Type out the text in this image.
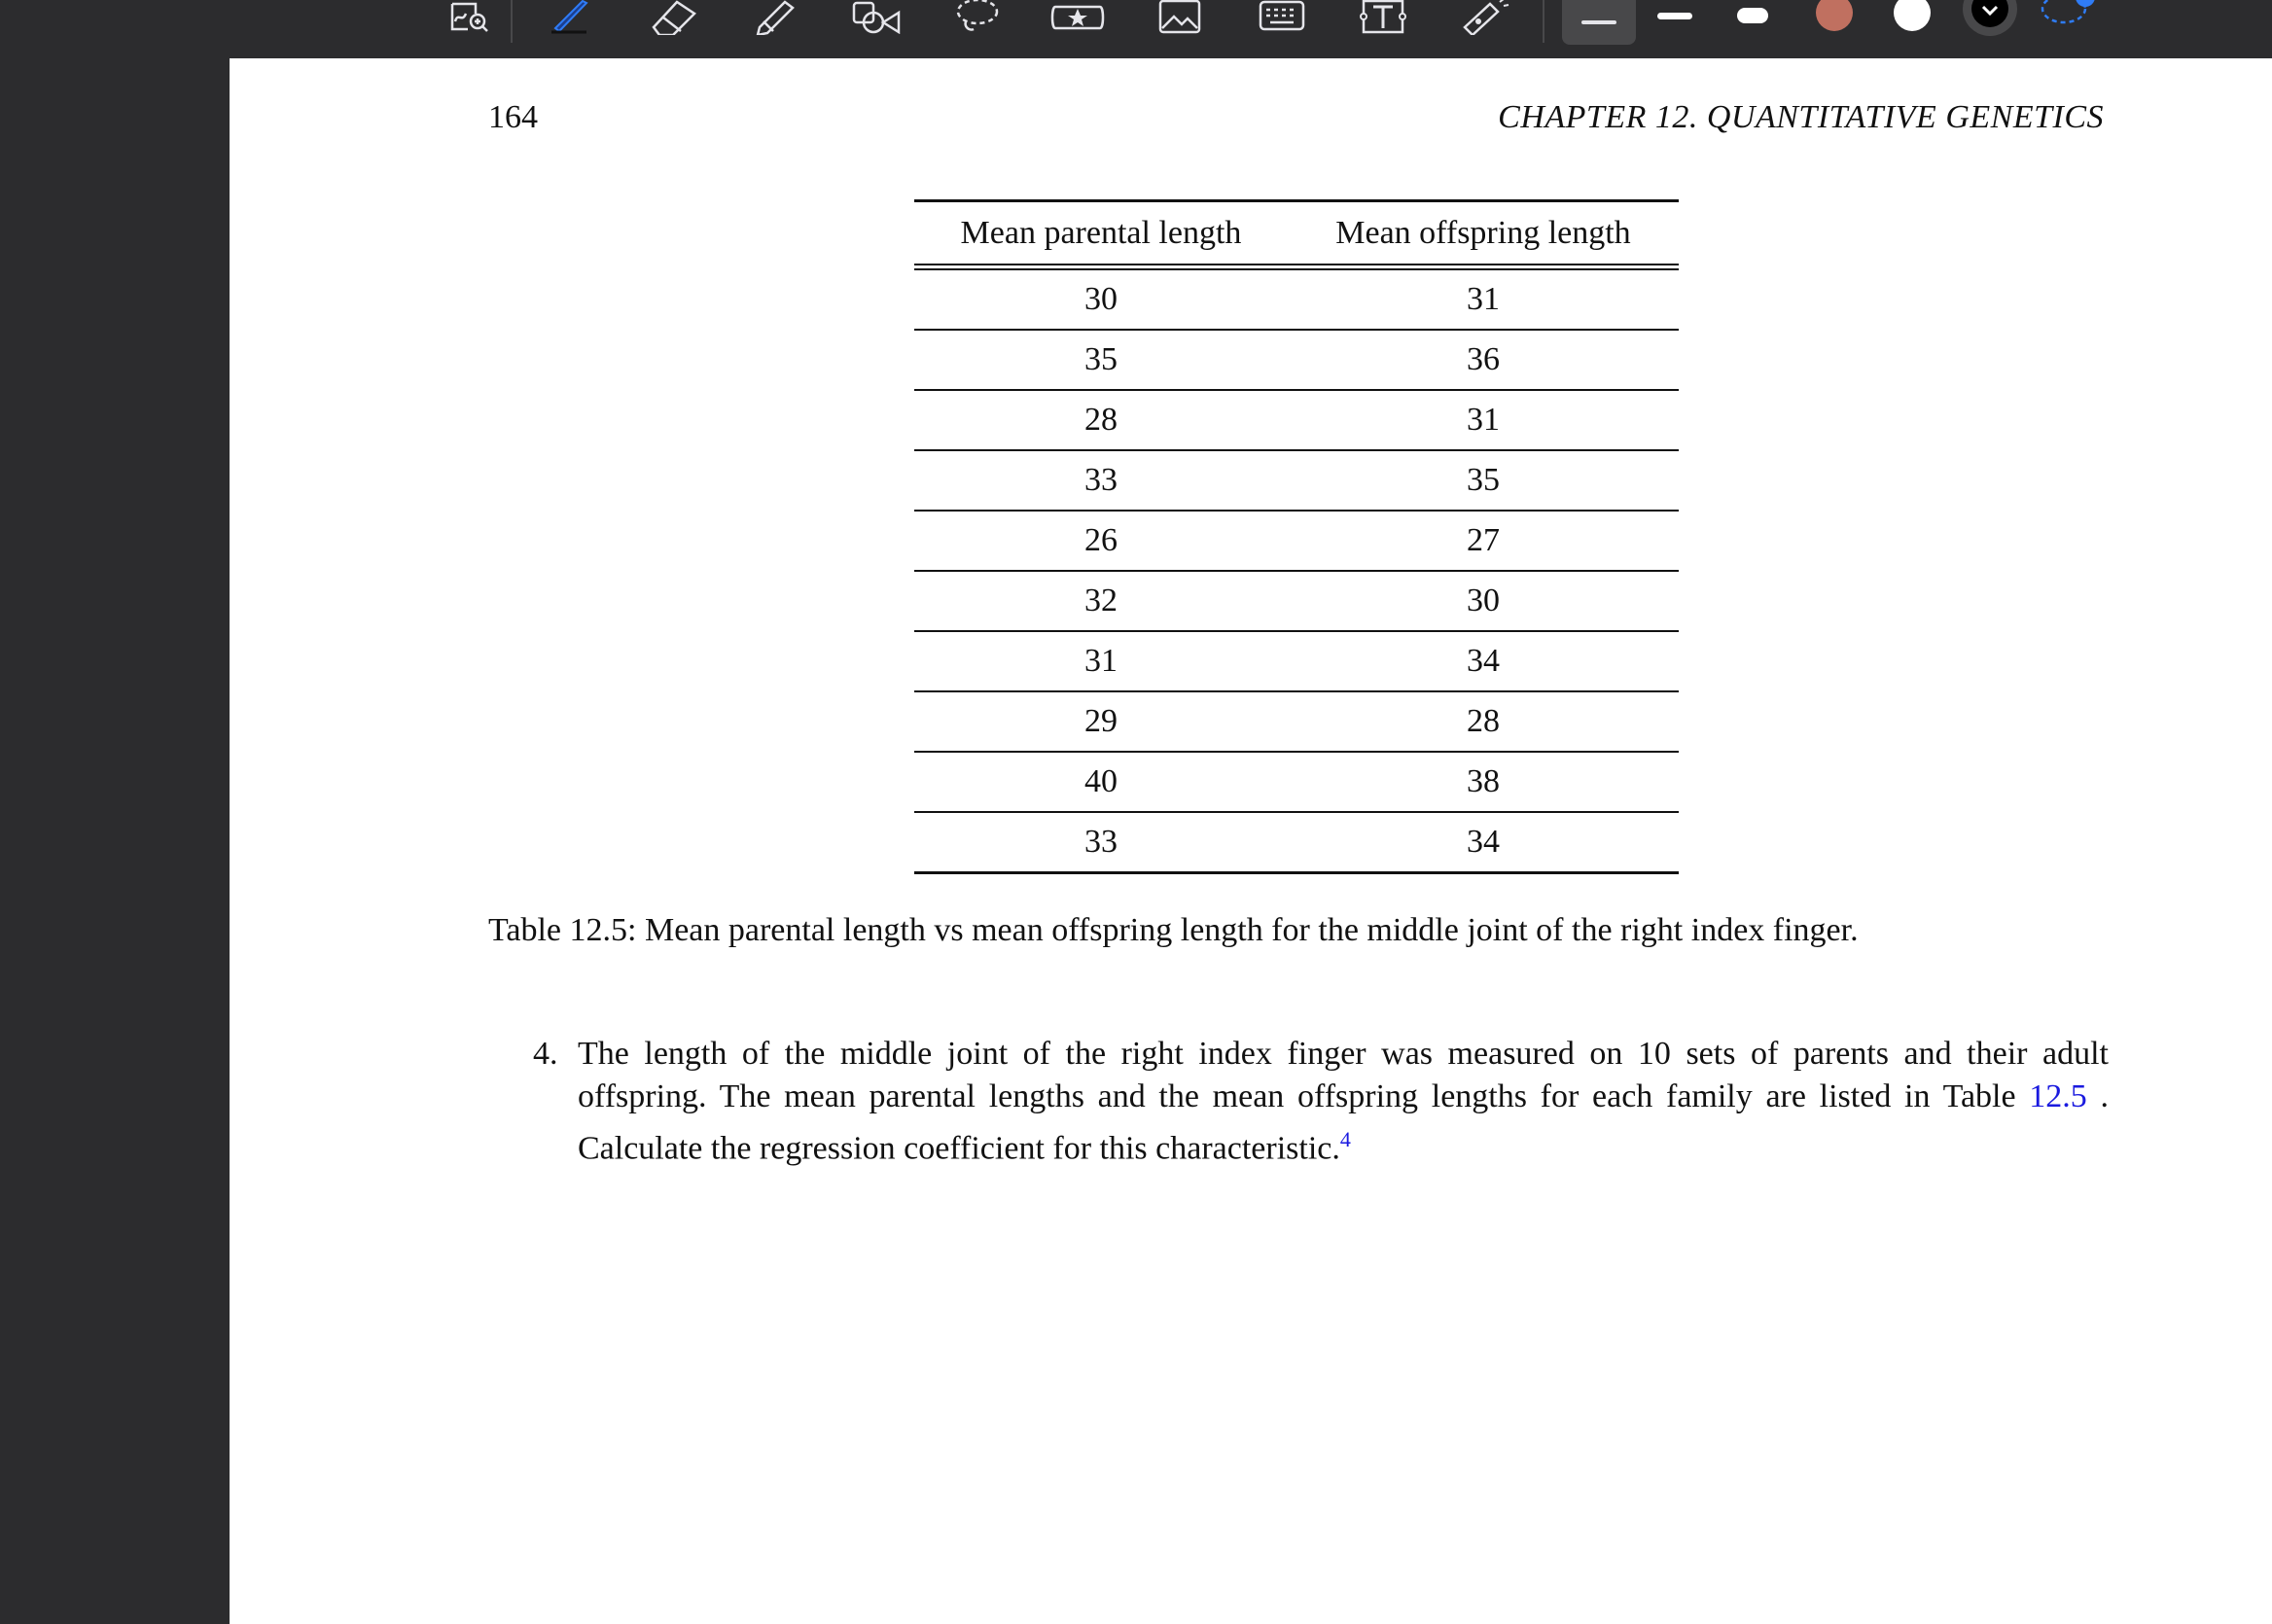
164	CHAPTER 12. QUANTITATIVE GENETICS
Mean parental length	Mean offspring length
30	31
35	36
28	31
33	35
26	27
32	30
31	34
29	28
40	38
33	34
Table 12.5: Mean parental length vs mean offspring length for the middle joint of the right index finger.
4. The length of the middle joint of the right index finger was measured on 10 sets of parents and their adult offspring. The mean parental lengths and the mean offspring lengths for each family are listed in Table 12.5 . Calculate the regression coefficient for this characteristic.$^4$
